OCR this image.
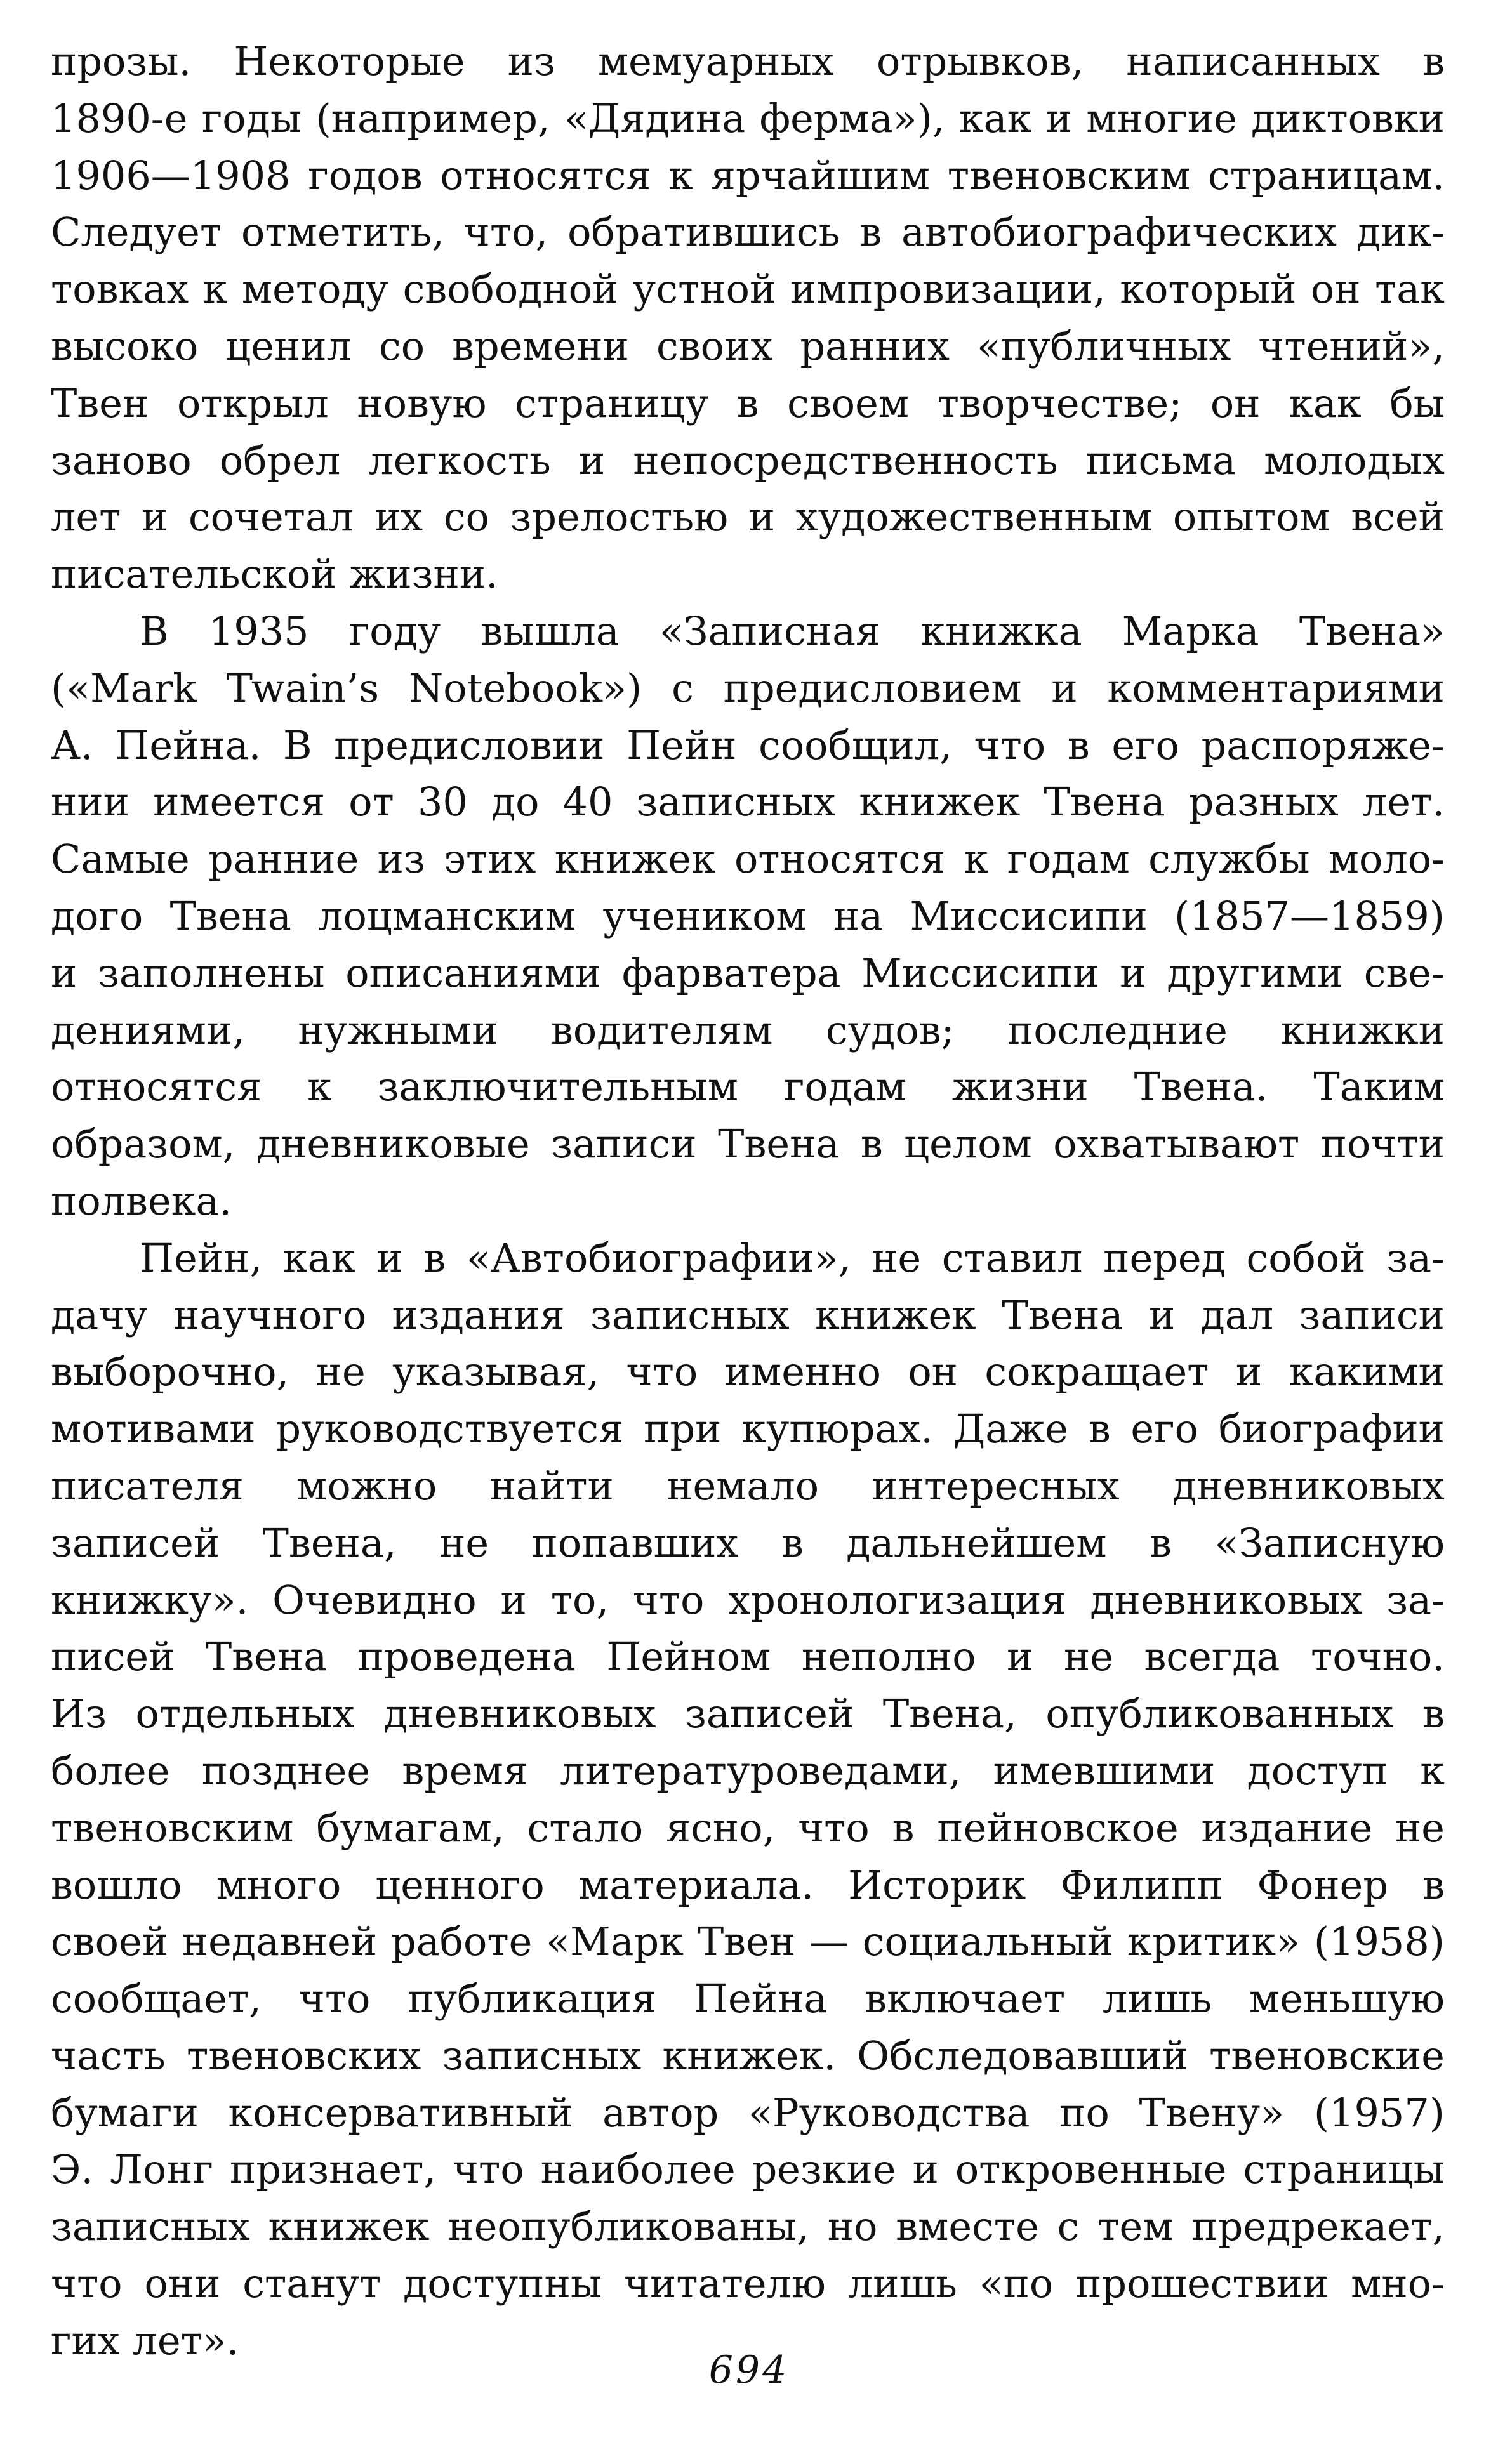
прозы. Некоторые из мемуарных отрывков, написанных в
1890-е годы (например, «Дядина ферма»), как и многие диктовки
1906—1908 годов относятся к ярчайшим твеновским страницам.
Следует отметить, что, обратившись в автобиографических дик-
товках к методу свободной устной импровизации, который он так
высоко ценил со времени своих ранних «публичных чтений»,
Твен открыл новую страницу в своем творчестве; он как бы
заново обрел легкость и непосредственность письма молодых
лет и сочетал их со зрелостью и художественным опытом всей
писательской жизни.
В 1935 году вышла «Записная книжка Марка Твена»
(«Mark Twain’s Notebook») с предисловием и комментариями
А. Пейна. В предисловии Пейн сообщил, что в его распоряже-
нии имеется от 30 до 40 записных книжек Твена разных лет.
Самые ранние из этих книжек относятся к годам службы моло-
дого Твена лоцманским учеником на Миссисипи (1857—1859)
и заполнены описаниями фарватера Миссисипи и другими све-
дениями, нужными водителям судов; последние книжки
относятся к заключительным годам жизни Твена. Таким
образом, дневниковые записи Твена в целом охватывают почти
полвека.
Пейн, как и в «Автобиографии», не ставил перед собой за-
дачу научного издания записных книжек Твена и дал записи
выборочно, не указывая, что именно он сокращает и какими
мотивами руководствуется при купюрах. Даже в его биографии
писателя можно найти немало интересных дневниковых
записей Твена, не попавших в дальнейшем в «Записную
книжку». Очевидно и то, что хронологизация дневниковых за-
писей Твена проведена Пейном неполно и не всегда точно.
Из отдельных дневниковых записей Твена, опубликованных в
более позднее время литературоведами, имевшими доступ к
твеновским бумагам, стало ясно, что в пейновское издание не
вошло много ценного материала. Историк Филипп Фонер в
своей недавней работе «Марк Твен — социальный критик» (1958)
сообщает, что публикация Пейна включает лишь меньшую
часть твеновских записных книжек. Обследовавший твеновские
бумаги консервативный автор «Руководства по Твену» (1957)
Э. Лонг признает, что наиболее резкие и откровенные страницы
записных книжек неопубликованы, но вместе с тем предрекает,
что они станут доступны читателю лишь «по прошествии мно-
гих лет».
694
